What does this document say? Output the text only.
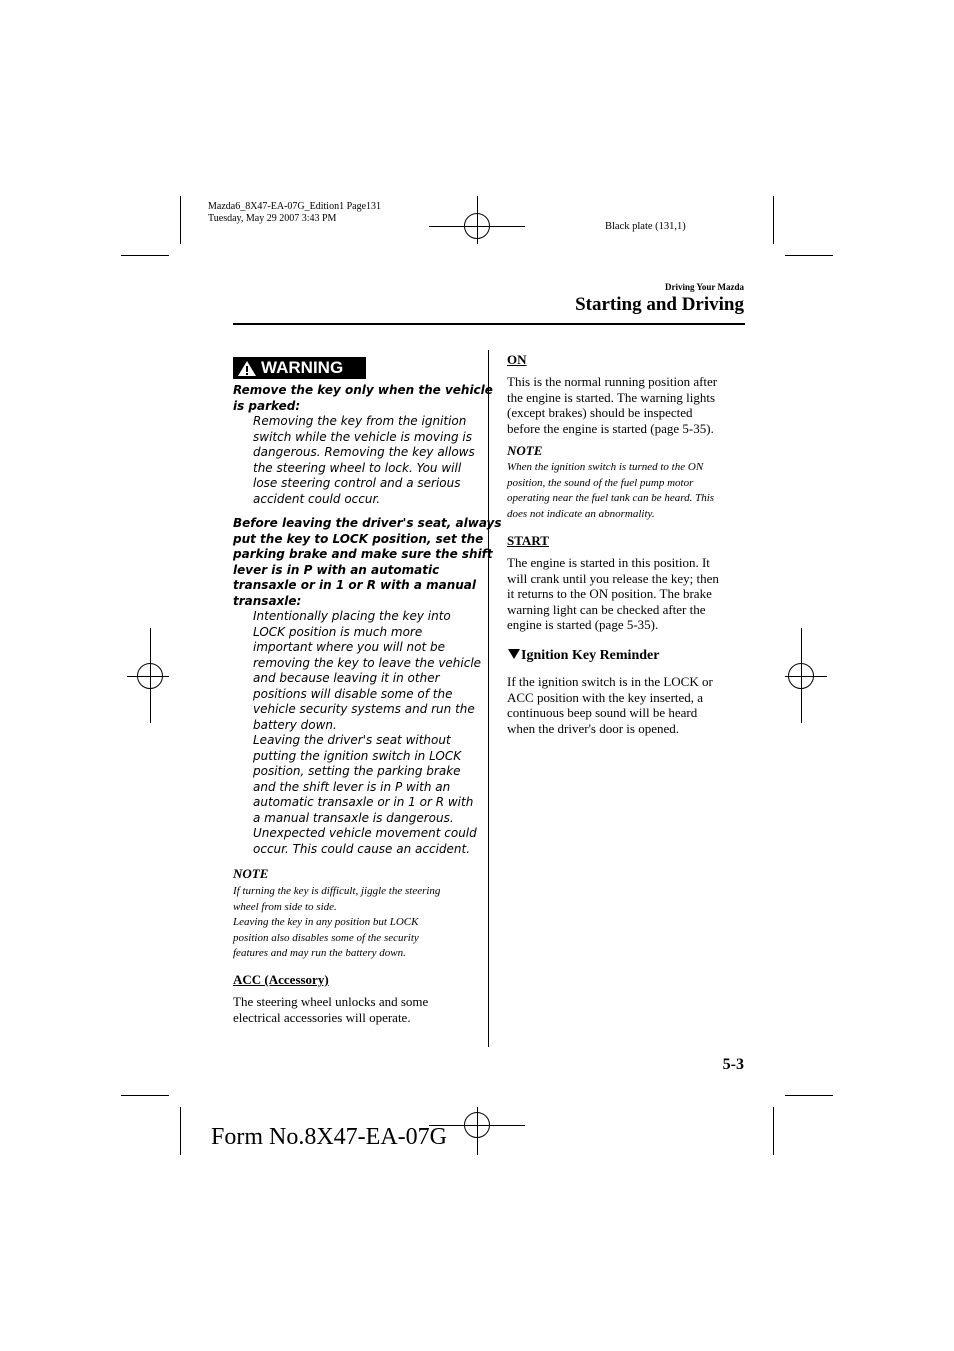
Mazda6_8X47-EA-07G_Edition1 Page131
Tuesday, May 29 2007 3:43 PM
Black plate (131,1)
Driving Your Mazda
Starting and Driving
WARNING
Remove the key only when the vehicle
is parked:
Removing the key from the ignition
switch while the vehicle is moving is
dangerous. Removing the key allows
the steering wheel to lock. You will
lose steering control and a serious
accident could occur.
Before leaving the driver's seat, always
put the key to LOCK position, set the
parking brake and make sure the shift
lever is in P with an automatic
transaxle or in 1 or R with a manual
transaxle:
Intentionally placing the key into
LOCK position is much more
important where you will not be
removing the key to leave the vehicle
and because leaving it in other
positions will disable some of the
vehicle security systems and run the
battery down.
Leaving the driver's seat without
putting the ignition switch in LOCK
position, setting the parking brake
and the shift lever is in P with an
automatic transaxle or in 1 or R with
a manual transaxle is dangerous.
Unexpected vehicle movement could
occur. This could cause an accident.
NOTE
If turning the key is difficult, jiggle the steering
wheel from side to side.
Leaving the key in any position but LOCK
position also disables some of the security
features and may run the battery down.
ACC (Accessory)
The steering wheel unlocks and some
electrical accessories will operate.
ON
This is the normal running position after
the engine is started. The warning lights
(except brakes) should be inspected
before the engine is started (page 5-35).
NOTE
When the ignition switch is turned to the ON
position, the sound of the fuel pump motor
operating near the fuel tank can be heard. This
does not indicate an abnormality.
START
The engine is started in this position. It
will crank until you release the key; then
it returns to the ON position. The brake
warning light can be checked after the
engine is started (page 5-35).
Ignition Key Reminder
If the ignition switch is in the LOCK or
ACC position with the key inserted, a
continuous beep sound will be heard
when the driver's door is opened.
5-3
Form No.8X47-EA-07G
